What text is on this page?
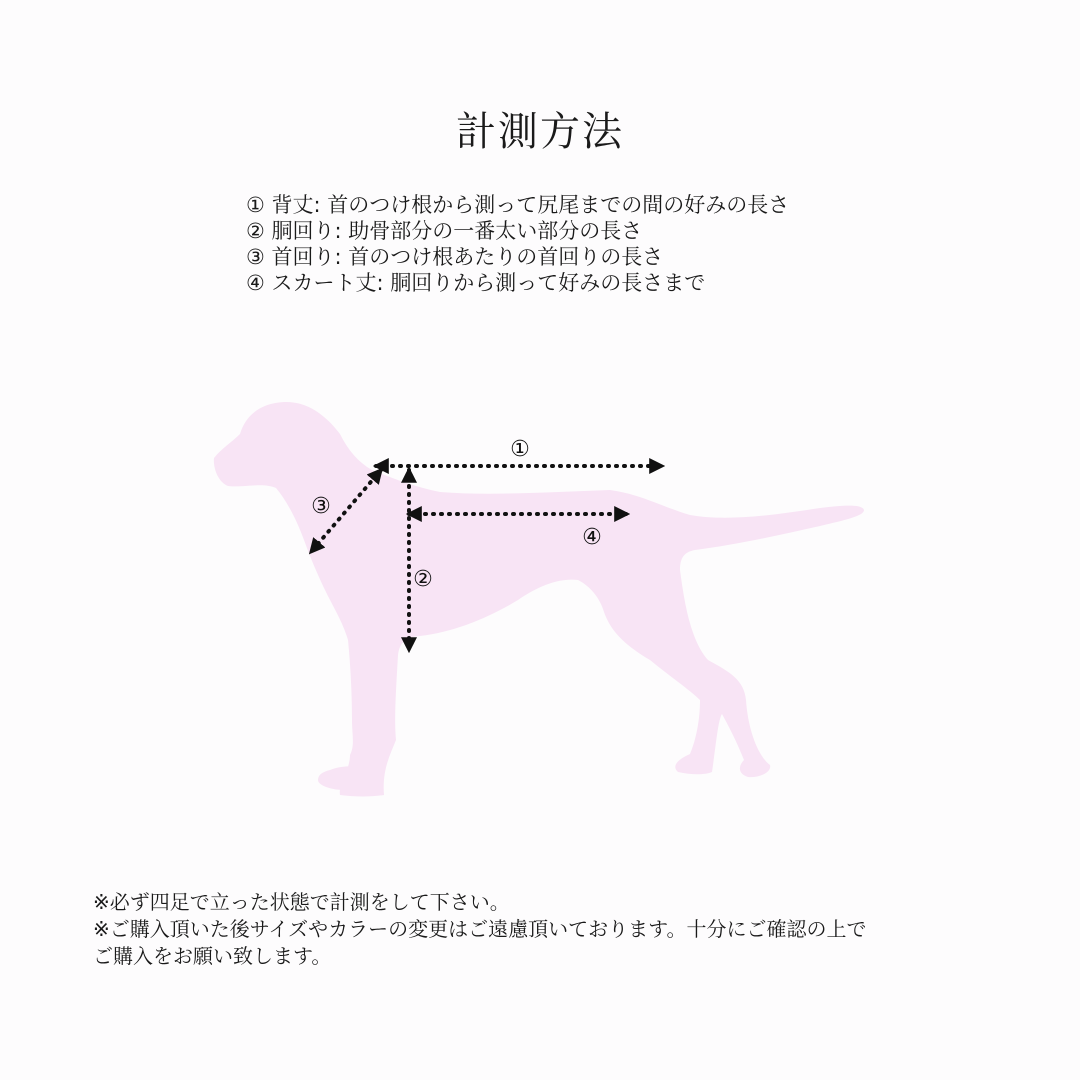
計測方法
① 背丈: 首のつけ根から測って尻尾までの間の好みの長さ
② 胴回り: 助骨部分の一番太い部分の長さ
③ 首回り: 首のつけ根あたりの首回りの長さ
④ スカート丈: 胴回りから測って好みの長さまで
①
②
③
④
※必ず四足で立った状態で計測をして下さい。
※ご購入頂いた後サイズやカラーの変更はご遠慮頂いております。十分にご確認の上で
ご購入をお願い致します。
